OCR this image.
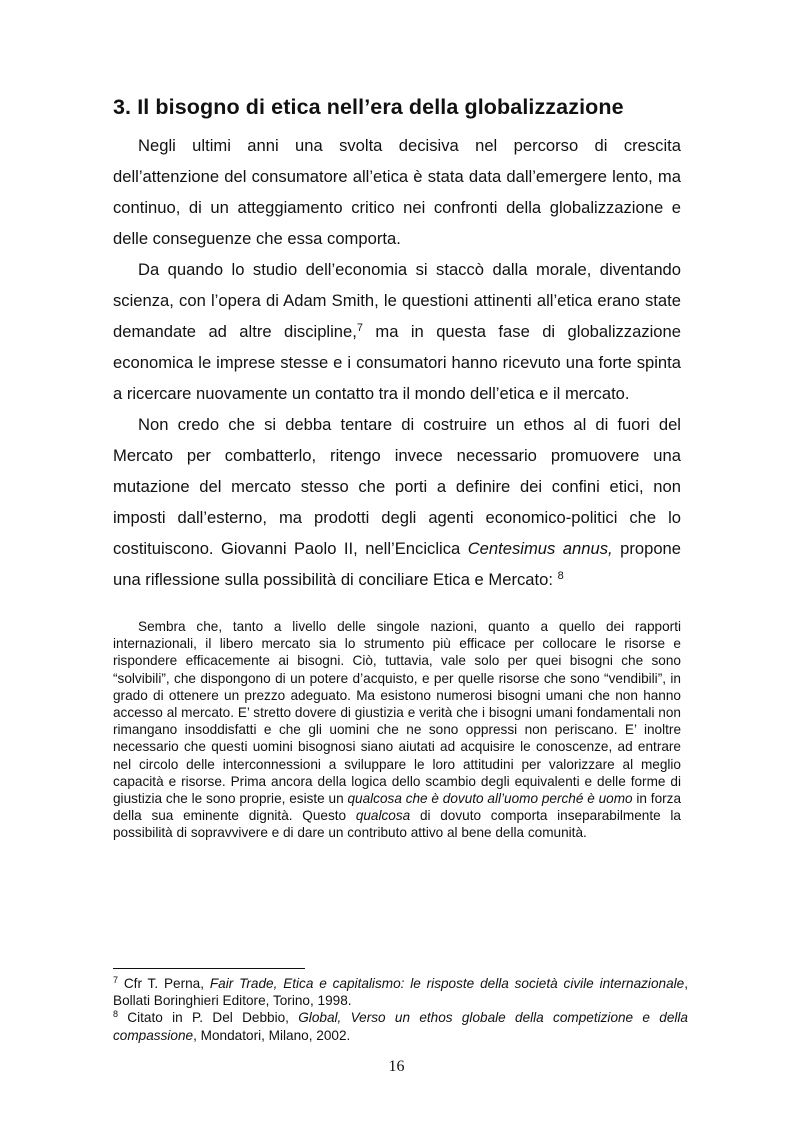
3. Il bisogno di etica nell’era della globalizzazione

Negli ultimi anni una svolta decisiva nel percorso di crescita dell’attenzione del consumatore all’etica è stata data dall’emergere lento, ma continuo, di un atteggiamento critico nei confronti della globalizzazione e delle conseguenze che essa comporta.

Da quando lo studio dell’economia si staccò dalla morale, diventando scienza, con l’opera di Adam Smith, le questioni attinenti all’etica erano state demandate ad altre discipline,$^7$ ma in questa fase di globalizzazione economica le imprese stesse e i consumatori hanno ricevuto una forte spinta a ricercare nuovamente un contatto tra il mondo dell’etica e il mercato.

Non credo che si debba tentare di costruire un ethos al di fuori del Mercato per combatterlo, ritengo invece necessario promuovere una mutazione del mercato stesso che porti a definire dei confini etici, non imposti dall’esterno, ma prodotti degli agenti economico-politici che lo costituiscono. Giovanni Paolo II, nell’Enciclica Centesimus annus, propone una riflessione sulla possibilità di conciliare Etica e Mercato: $^8$

Sembra che, tanto a livello delle singole nazioni, quanto a quello dei rapporti internazionali, il libero mercato sia lo strumento più efficace per collocare le risorse e rispondere efficacemente ai bisogni. Ciò, tuttavia, vale solo per quei bisogni che sono “solvibili”, che dispongono di un potere d’acquisto, e per quelle risorse che sono “vendibili”, in grado di ottenere un prezzo adeguato. Ma esistono numerosi bisogni umani che non hanno accesso al mercato. E’ stretto dovere di giustizia e verità che i bisogni umani fondamentali non rimangano insoddisfatti e che gli uomini che ne sono oppressi non periscano. E’ inoltre necessario che questi uomini bisognosi siano aiutati ad acquisire le conoscenze, ad entrare nel circolo delle interconnessioni a sviluppare le loro attitudini per valorizzare al meglio capacità e risorse. Prima ancora della logica dello scambio degli equivalenti e delle forme di giustizia che le sono proprie, esiste un qualcosa che è dovuto all’uomo perché è uomo in forza della sua eminente dignità. Questo qualcosa di dovuto comporta inseparabilmente la possibilità di sopravvivere e di dare un contributo attivo al bene della comunità.

$^7$ Cfr T. Perna, Fair Trade, Etica e capitalismo: le risposte della società civile internazionale, Bollati Boringhieri Editore, Torino, 1998.

$^8$ Citato in P. Del Debbio, Global, Verso un ethos globale della competizione e della compassione, Mondatori, Milano, 2002.

16
